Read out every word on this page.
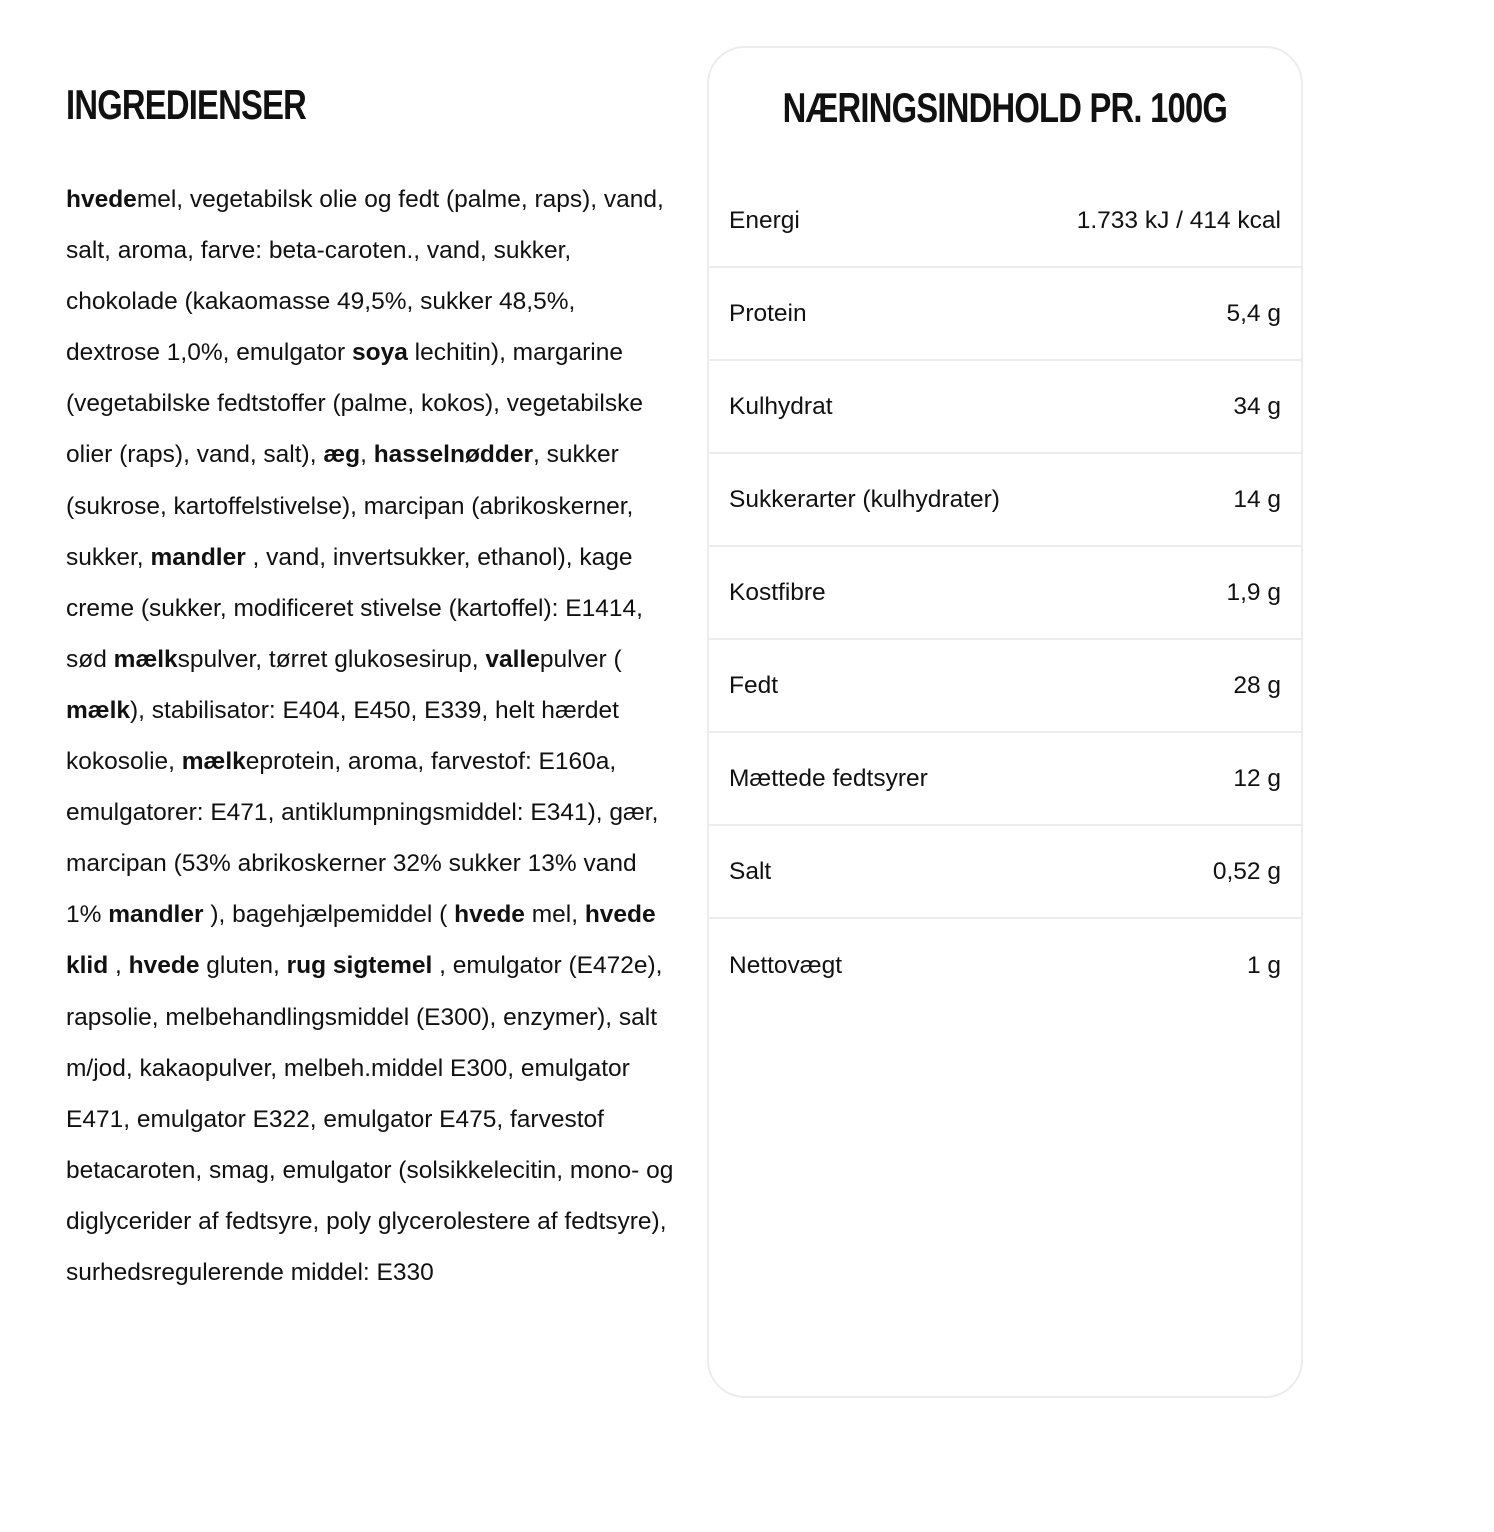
INGREDIENSER

hvedemel, vegetabilsk olie og fedt (palme, raps), vand, salt, aroma, farve: beta-caroten., vand, sukker, chokolade (kakaomasse 49,5%, sukker 48,5%, dextrose 1,0%, emulgator soya lechitin), margarine (vegetabilske fedtstoffer (palme, kokos), vegetabilske olier (raps), vand, salt), æg, hasselnødder, sukker (sukrose, kartoffelstivelse), marcipan (abrikoskerner, sukker, mandler , vand, invertsukker, ethanol), kage creme (sukker, modificeret stivelse (kartoffel): E1414, sød mælkspulver, tørret glukosesirup, vallepulver ( mælk), stabilisator: E404, E450, E339, helt hærdet kokosolie, mælkeprotein, aroma, farvestof: E160a, emulgatorer: E471, antiklumpningsmiddel: E341), gær, marcipan (53% abrikoskerner 32% sukker 13% vand 1% mandler ), bagehjælpemiddel ( hvede mel, hvede klid , hvede gluten, rug sigtemel , emulgator (E472e), rapsolie, melbehandlingsmiddel (E300), enzymer), salt m/jod, kakaopulver, melbeh.middel E300, emulgator E471, emulgator E322, emulgator E475, farvestof betacaroten, smag, emulgator (solsikkelecitin, mono- og diglycerider af fedtsyre, poly glycerolestere af fedtsyre), surhedsregulerende middel: E330

NÆRINGSINDHOLD PR. 100G
Energi	1.733 kJ / 414 kcal
Protein	5,4 g
Kulhydrat	34 g
Sukkerarter (kulhydrater)	14 g
Kostfibre	1,9 g
Fedt	28 g
Mættede fedtsyrer	12 g
Salt	0,52 g
Nettovægt	1 g
